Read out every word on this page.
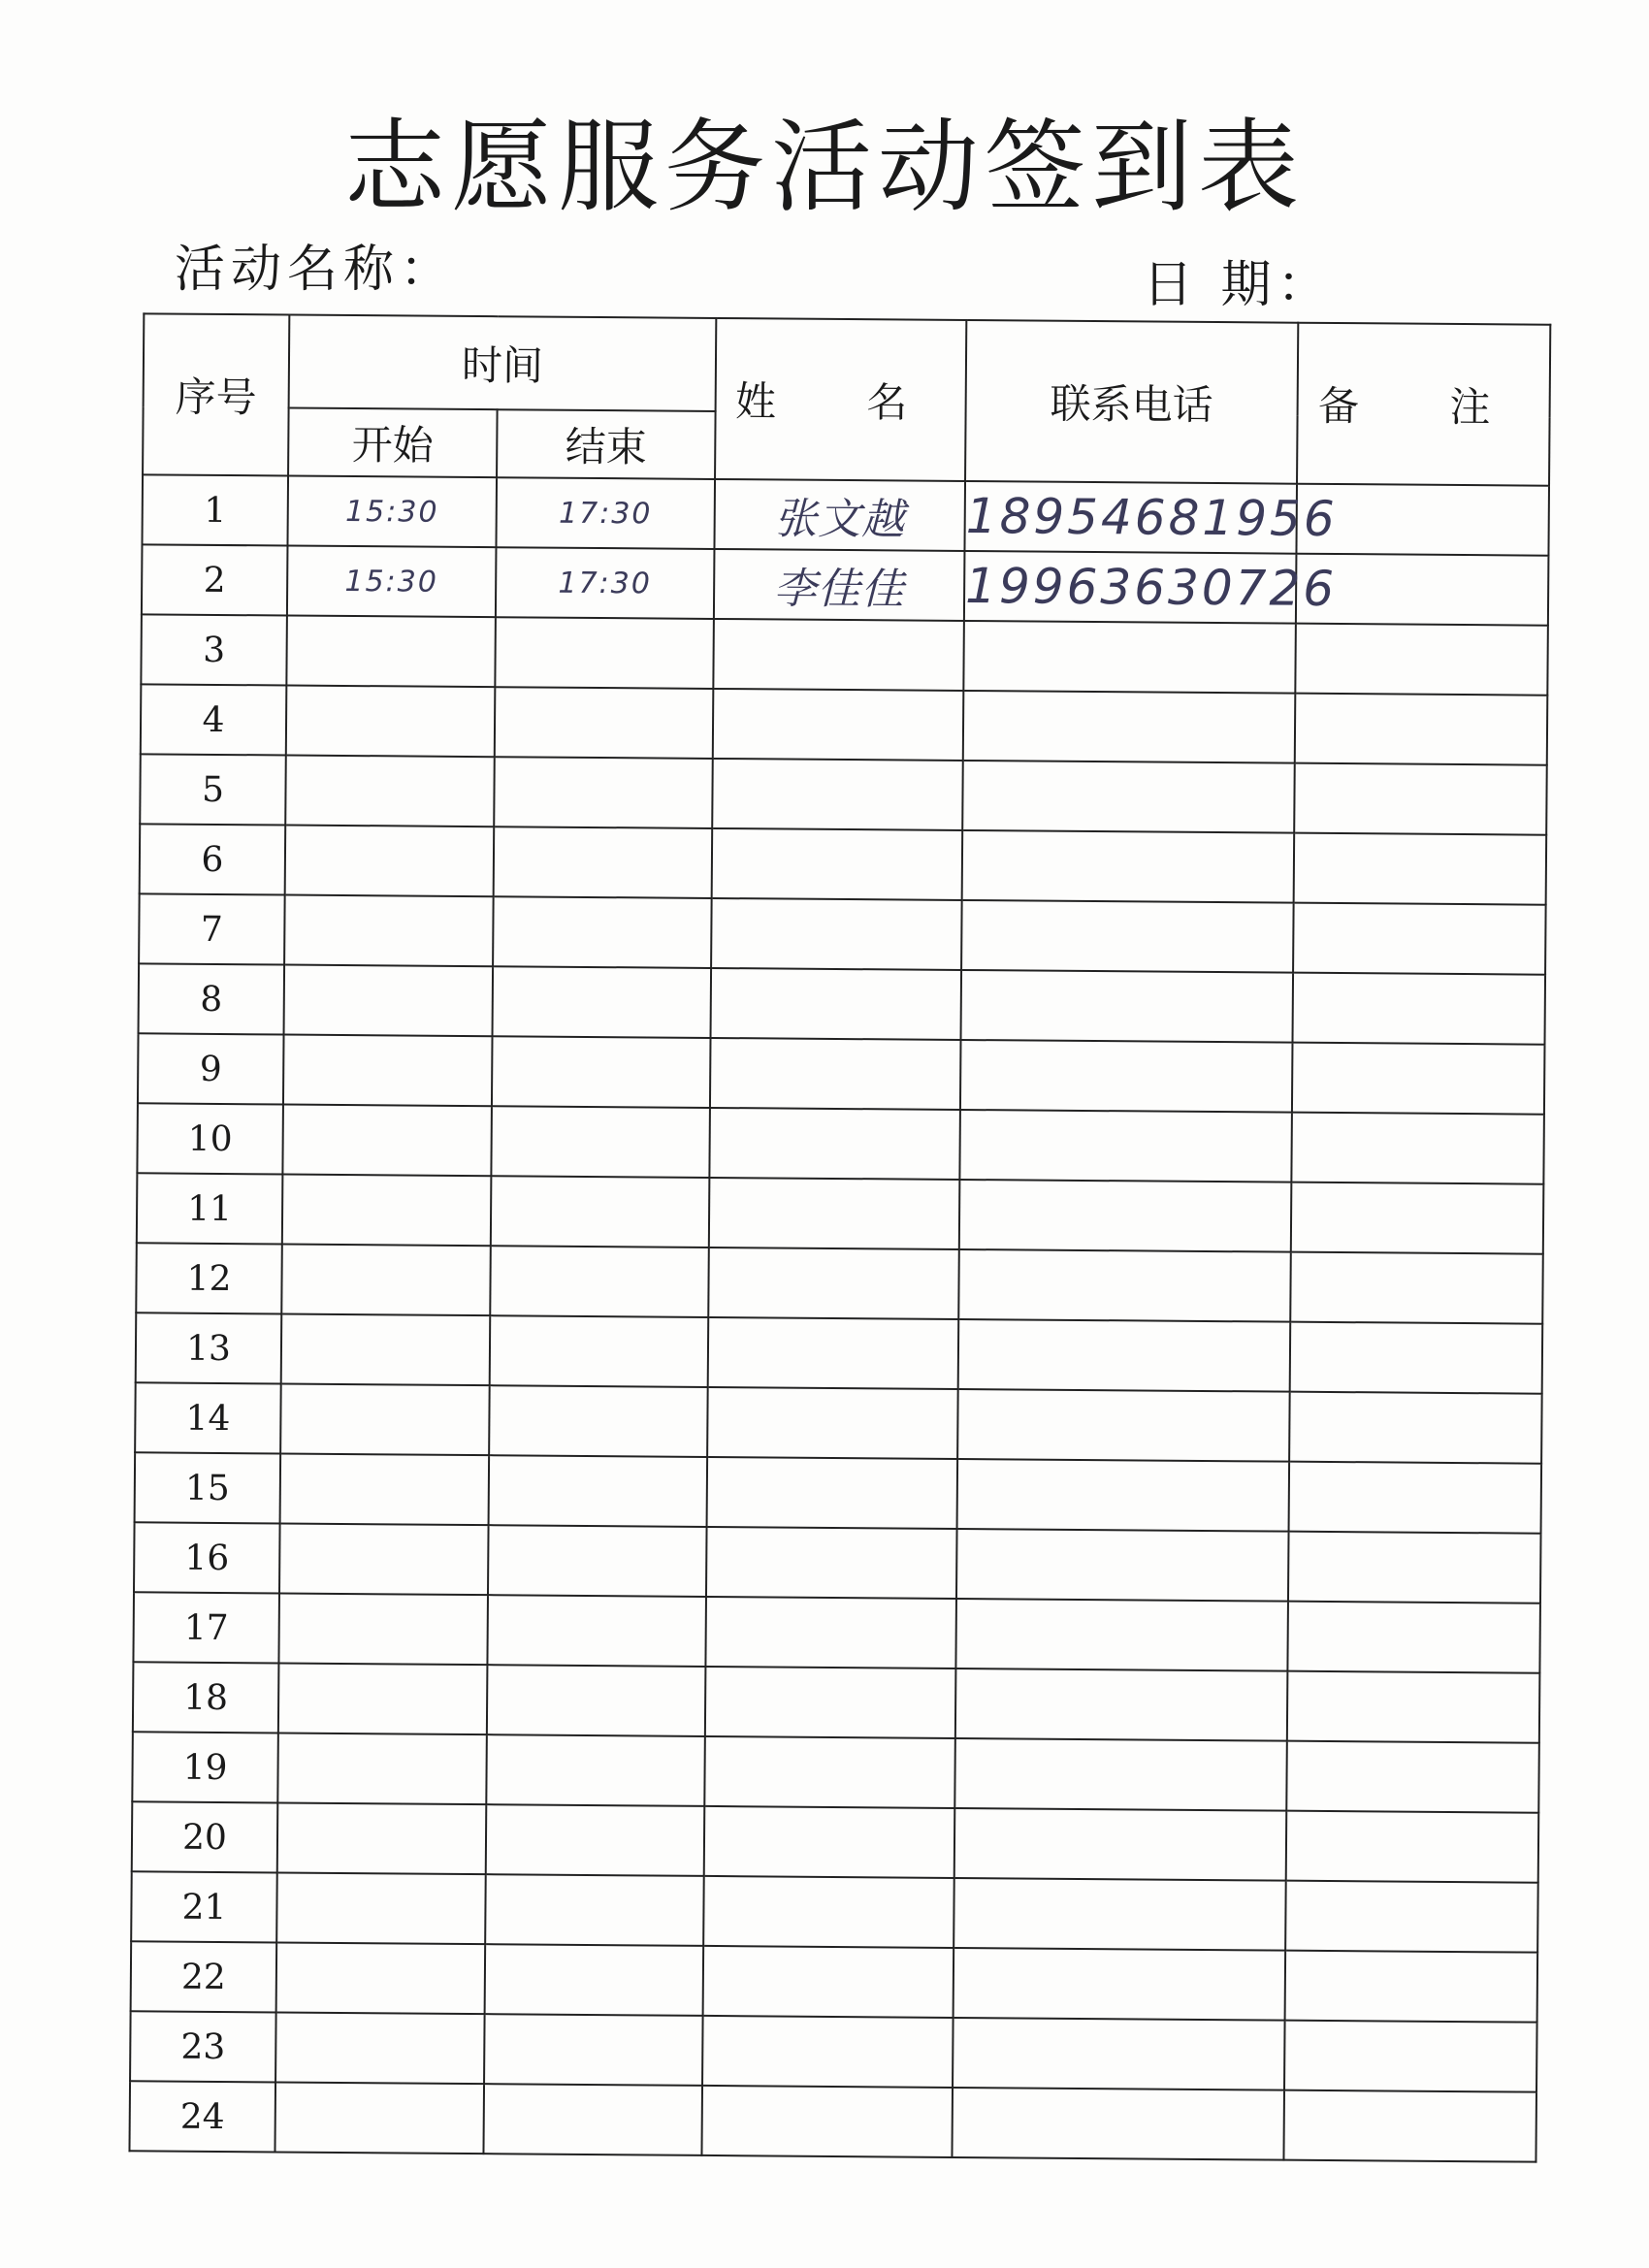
志愿服务活动签到表
活动名称：	日 期：
序号	时间		姓 名	联系电话	备 注
	开始	结束			
1	15:30	17:30	张文越	18954681956	
2	15:30	17:30	李佳佳	19963630726	
3					
4					
5					
6					
7					
8					
9					
10					
11					
12					
13					
14					
15					
16					
17					
18					
19					
20					
21					
22					
23					
24					
